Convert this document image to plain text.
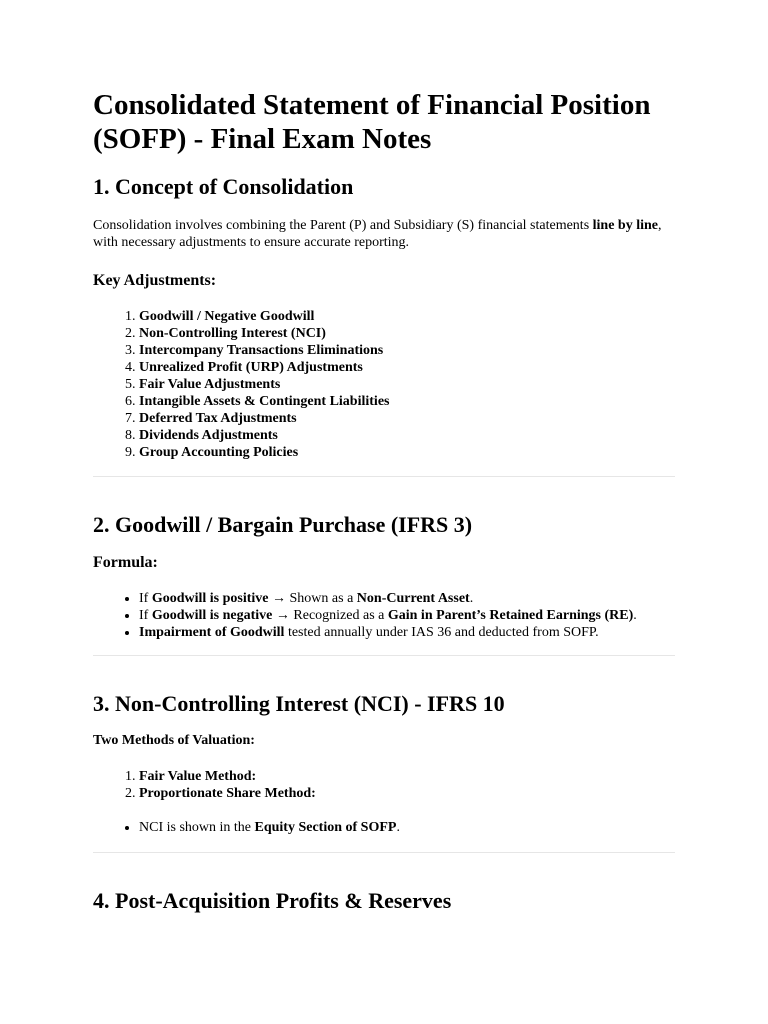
Consolidated Statement of Financial Position (SOFP) - Final Exam Notes
1. Concept of Consolidation

Consolidation involves combining the Parent (P) and Subsidiary (S) financial statements line by line, with necessary adjustments to ensure accurate reporting.

Key Adjustments:
1. Goodwill / Negative Goodwill
2. Non-Controlling Interest (NCI)
3. Intercompany Transactions Eliminations
4. Unrealized Profit (URP) Adjustments
5. Fair Value Adjustments
6. Intangible Assets & Contingent Liabilities
7. Deferred Tax Adjustments
8. Dividends Adjustments
9. Group Accounting Policies
2. Goodwill / Bargain Purchase (IFRS 3)
Formula:
• If Goodwill is positive → Shown as a Non-Current Asset.
• If Goodwill is negative → Recognized as a Gain in Parent’s Retained Earnings (RE).
• Impairment of Goodwill tested annually under IAS 36 and deducted from SOFP.
3. Non-Controlling Interest (NCI) - IFRS 10
Two Methods of Valuation:
1. Fair Value Method:
2. Proportionate Share Method:
• NCI is shown in the Equity Section of SOFP.
4. Post-Acquisition Profits & Reserves
